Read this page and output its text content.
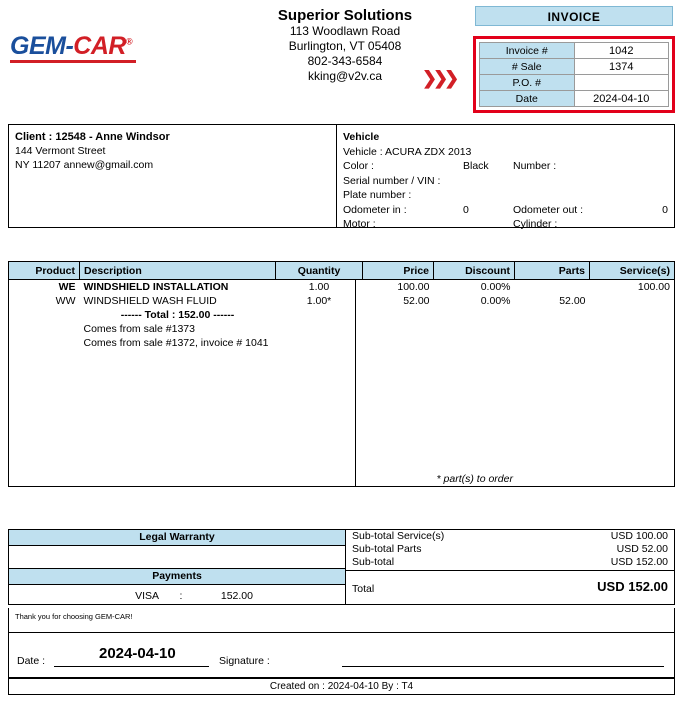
GEM-CAR®
Superior Solutions
113 Woodlawn Road
Burlington, VT 05408
802-343-6584
kking@v2v.ca
INVOICE
❯❯❯
Invoice #	1042
# Sale	1374
P.O. #	
Date	2024-04-10
Client : 12548 - Anne Windsor
144 Vermont Street
NY 11207 annew@gmail.com
Vehicle
Vehicle : ACURA ZDX 2013
Color :	Black	Number :
Serial number / VIN :
Plate number :
Odometer in :	0	Odometer out :	0
Motor :	Cylinder :
Product	Description	Quantity	Price	Discount	Parts	Service(s)
WE	WINDSHIELD INSTALLATION	1.00	100.00	0.00%		100.00
WW	WINDSHIELD WASH FLUID	1.00*	52.00	0.00%	52.00	
	------ Total : 152.00 ------					
	Comes from sale #1373					
	Comes from sale #1372, invoice # 1041					

		* part(s) to order				
Legal Warranty
Payments
VISA	:	152.00
Sub-total Service(s)	USD 100.00
Sub-total Parts	USD 52.00
Sub-total	USD 152.00
Total	USD 152.00
Thank you for choosing GEM-CAR!
Date :	2024-04-10	Signature :
Created on : 2024-04-10 By : T4
